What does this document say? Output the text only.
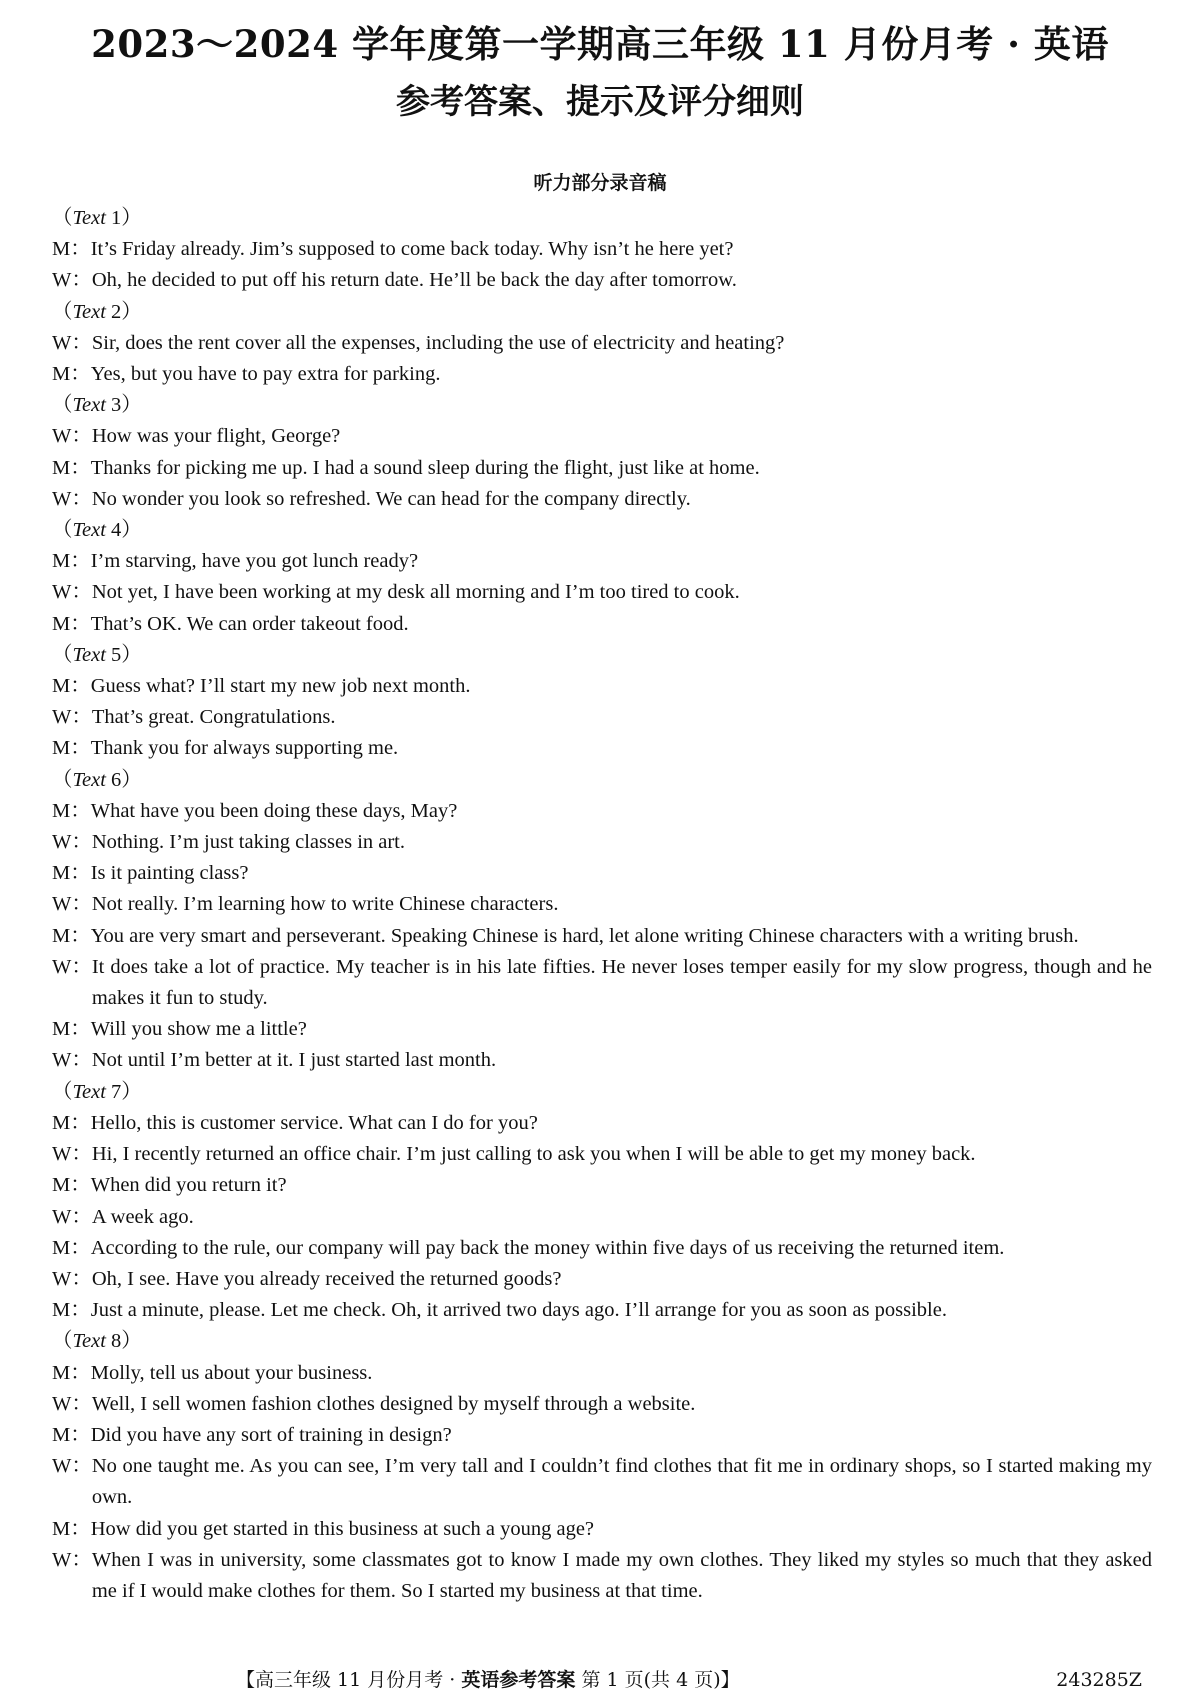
2023～2024 学年度第一学期高三年级 11 月份月考 · 英语
参考答案、提示及评分细则
听力部分录音稿
（Text 1）
M： It’s Friday already. Jim’s supposed to come back today. Why isn’t he here yet?
W： Oh, he decided to put off his return date. He’ll be back the day after tomorrow.
（Text 2）
W： Sir, does the rent cover all the expenses, including the use of electricity and heating?
M： Yes, but you have to pay extra for parking.
（Text 3）
W： How was your flight, George?
M： Thanks for picking me up. I had a sound sleep during the flight, just like at home.
W： No wonder you look so refreshed. We can head for the company directly.
（Text 4）
M： I’m starving, have you got lunch ready?
W： Not yet, I have been working at my desk all morning and I’m too tired to cook.
M： That’s OK. We can order takeout food.
（Text 5）
M： Guess what? I’ll start my new job next month.
W： That’s great. Congratulations.
M： Thank you for always supporting me.
（Text 6）
M： What have you been doing these days, May?
W： Nothing. I’m just taking classes in art.
M： Is it painting class?
W： Not really. I’m learning how to write Chinese characters.
M： You are very smart and perseverant. Speaking Chinese is hard, let alone writing Chinese characters with a writing brush.
W： It does take a lot of practice. My teacher is in his late fifties. He never loses temper easily for my slow progress, though and he makes it fun to study.
M： Will you show me a little?
W： Not until I’m better at it. I just started last month.
（Text 7）
M： Hello, this is customer service. What can I do for you?
W： Hi, I recently returned an office chair. I’m just calling to ask you when I will be able to get my money back.
M： When did you return it?
W： A week ago.
M： According to the rule, our company will pay back the money within five days of us receiving the returned item.
W： Oh, I see. Have you already received the returned goods?
M： Just a minute, please. Let me check. Oh, it arrived two days ago. I’ll arrange for you as soon as possible.
（Text 8）
M： Molly, tell us about your business.
W： Well, I sell women fashion clothes designed by myself through a website.
M： Did you have any sort of training in design?
W： No one taught me. As you can see, I’m very tall and I couldn’t find clothes that fit me in ordinary shops, so I started making my own.
M： How did you get started in this business at such a young age?
W： When I was in university, some classmates got to know I made my own clothes. They liked my styles so much that they asked me if I would make clothes for them. So I started my business at that time.
【高三年级 11 月份月考 · 英语参考答案 第 1 页(共 4 页)】	243285Z
